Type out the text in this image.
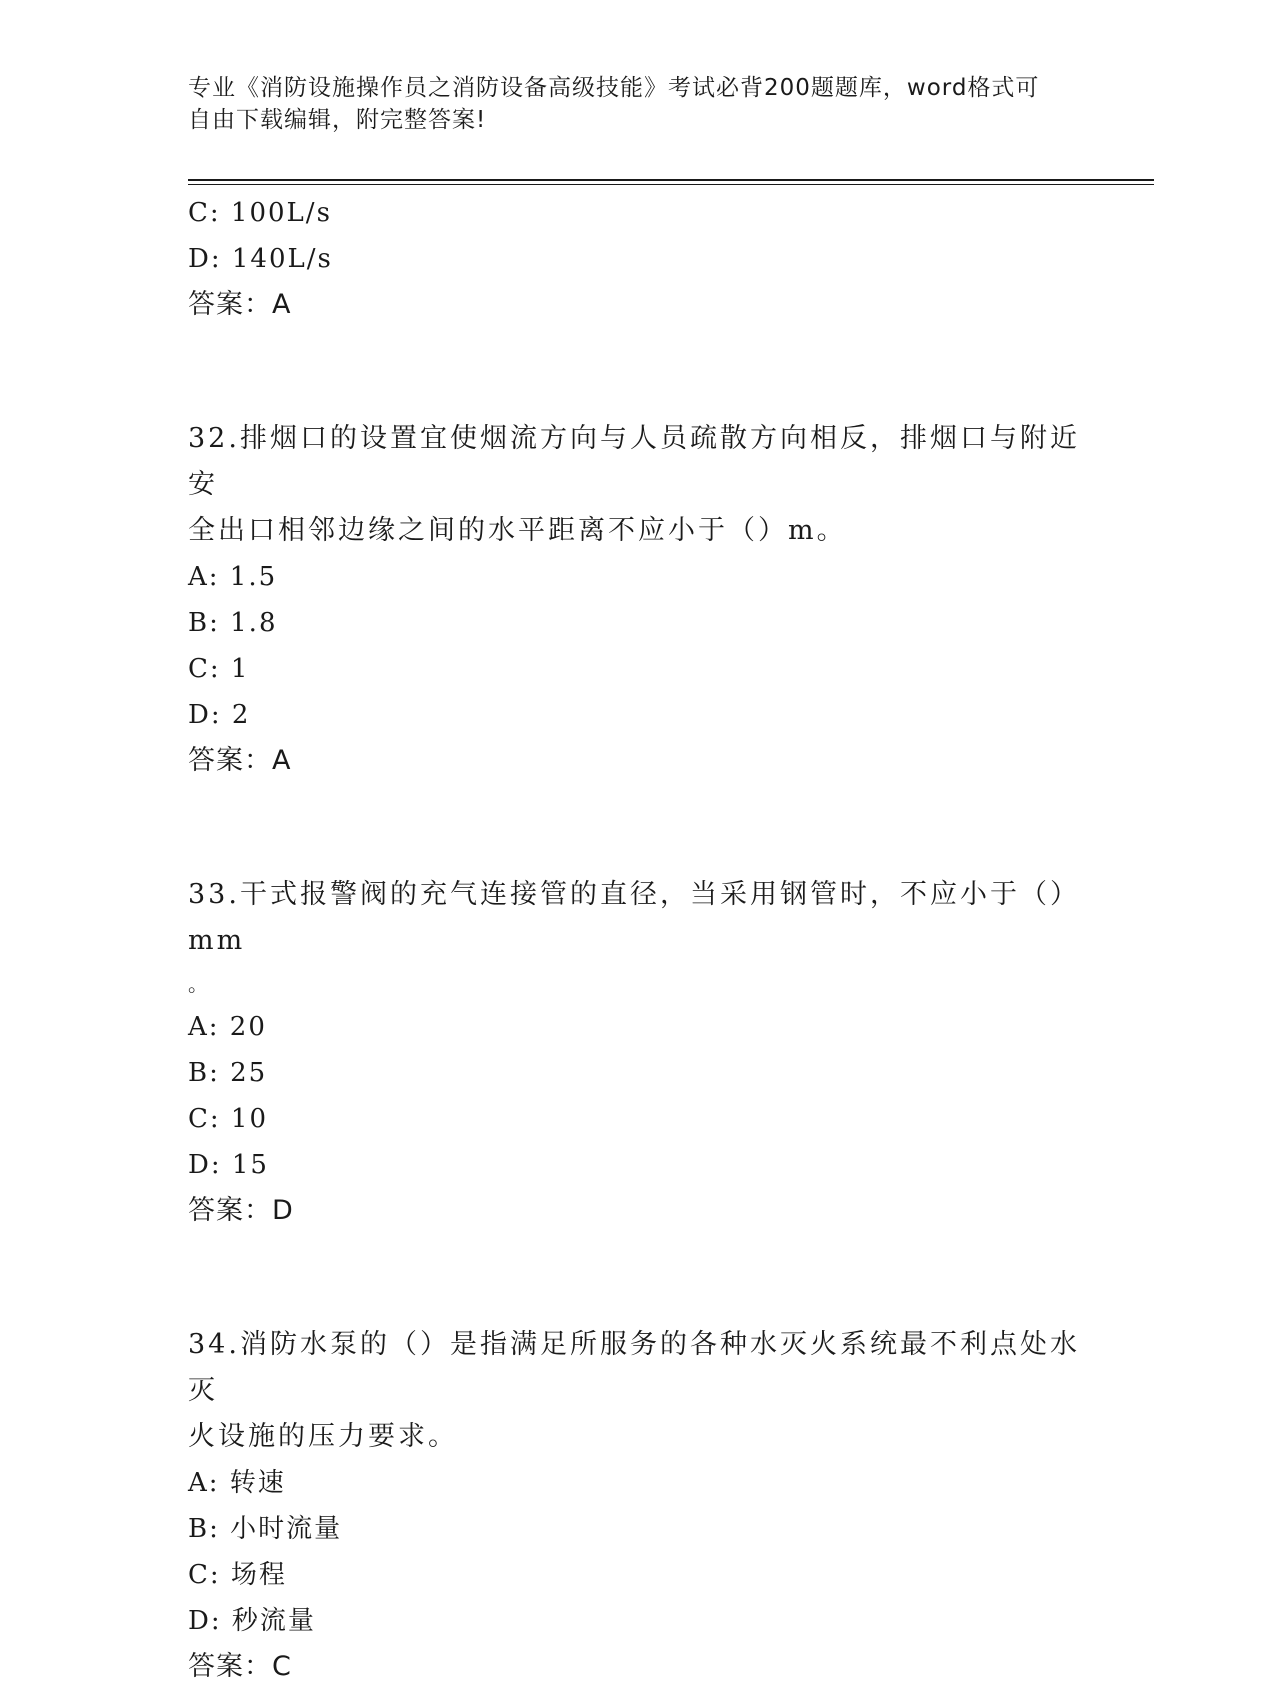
专业《消防设施操作员之消防设备高级技能》考试必背200题题库，word格式可
自由下载编辑，附完整答案!
C: 100L/s
D: 140L/s
答案：A
32.排烟口的设置宜使烟流方向与人员疏散方向相反，排烟口与附近安
全出口相邻边缘之间的水平距离不应小于（）m。
A: 1.5
B: 1.8
C: 1
D: 2
答案：A
33.干式报警阀的充气连接管的直径，当采用钢管时，不应小于（）mm
。
A: 20
B: 25
C: 10
D: 15
答案：D
34.消防水泵的（）是指满足所服务的各种水灭火系统最不利点处水灭
火设施的压力要求。
A: 转速
B: 小时流量
C: 场程
D: 秒流量
答案：C
